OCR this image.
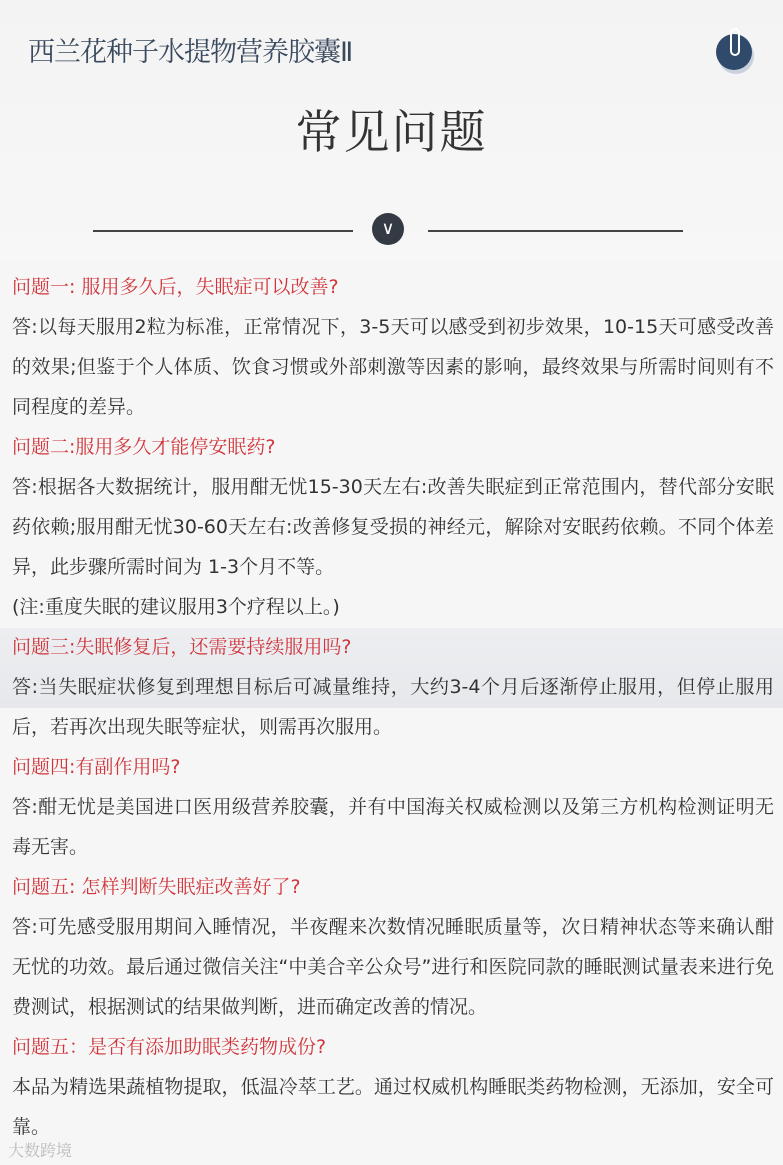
西兰花种子水提物营养胶囊Ⅱ
常见问题
∨
问题一: 服用多久后，失眠症可以改善?
答:以每天服用2粒为标准，正常情况下，3-5天可以感受到初步效果，10-15天可感受改善的效果;但鉴于个人体质、饮食习惯或外部刺激等因素的影响，最终效果与所需时间则有不同程度的差异。
问题二:服用多久才能停安眠药?
答:根据各大数据统计，服用酣无忧15-30天左右:改善失眠症到正常范围内，替代部分安眠药依赖;服用酣无忧30-60天左右:改善修复受损的神经元，解除对安眠药依赖。不同个体差异，此步骤所需时间为 1-3个月不等。
(注:重度失眠的建议服用3个疗程以上。)
问题三:失眠修复后，还需要持续服用吗?
答:当失眠症状修复到理想目标后可减量维持，大约3-4个月后逐渐停止服用，但停止服用后，若再次出现失眠等症状，则需再次服用。
问题四:有副作用吗?
答:酣无忧是美国进口医用级营养胶囊，并有中国海关权威检测以及第三方机构检测证明无毒无害。
问题五: 怎样判断失眠症改善好了?
答:可先感受服用期间入睡情况，半夜醒来次数情况睡眠质量等，次日精神状态等来确认酣无忧的功效。最后通过微信关注“中美合辛公众号”进行和医院同款的睡眠测试量表来进行免费测试，根据测试的结果做判断，进而确定改善的情况。
问题五：是否有添加助眠类药物成份?
本品为精选果蔬植物提取，低温冷萃工艺。通过权威机构睡眠类药物检测，无添加，安全可靠。
大数跨境
